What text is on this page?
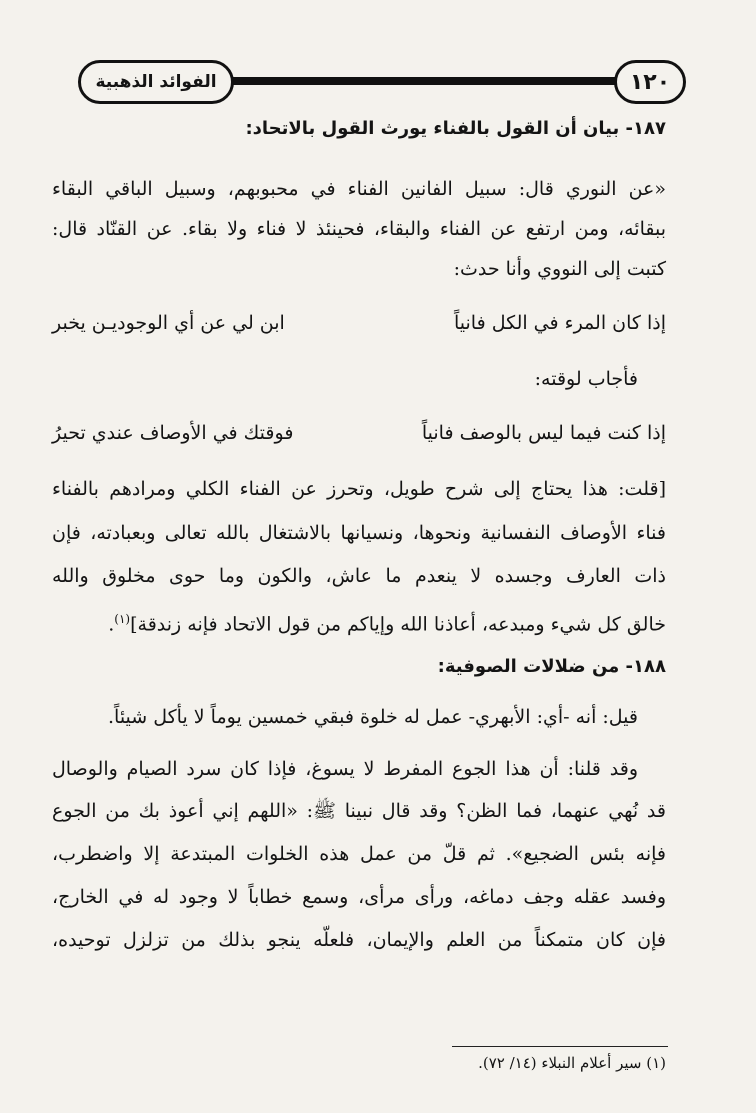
١٢٠
الفوائد الذهبية
١٨٧- بيان أن القول بالفناء يورث القول بالاتحاد:
«عن النوري قال: سبيل الفانين الفناء في محبوبهم، وسبيل الباقي البقاء
ببقائه، ومن ارتفع عن الفناء والبقاء، فحينئذ لا فناء ولا بقاء. عن القنّاد قال:
كتبت إلى النووي وأنا حدث:
إذا كان المرء في الكل فانياً
ابن لي عن أي الوجوديـن يخبر
فأجاب لوقته:
إذا كنت فيما ليس بالوصف فانياً
فوقتك في الأوصاف عندي تحيرُ
[قلت: هذا يحتاج إلى شرح طويل، وتحرز عن الفناء الكلي ومرادهم بالفناء
فناء الأوصاف النفسانية ونحوها، ونسيانها بالاشتغال بالله تعالى وبعبادته، فإن
ذات العارف وجسده لا ينعدم ما عاش، والكون وما حوى مخلوق والله
خالق كل شيء ومبدعه، أعاذنا الله وإياكم من قول الاتحاد فإنه زندقة]$^{(١)}$.
١٨٨- من ضلالات الصوفية:
قيل: أنه -أي: الأبهري- عمل له خلوة فبقي خمسين يوماً لا يأكل شيئاً.
وقد قلنا: أن هذا الجوع المفرط لا يسوغ، فإذا كان سرد الصيام والوصال
قد نُهي عنهما، فما الظن؟ وقد قال نبينا ﷺ: «اللهم إني أعوذ بك من الجوع
فإنه بئس الضجيع». ثم قلّ من عمل هذه الخلوات المبتدعة إلا واضطرب،
وفسد عقله وجف دماغه، ورأى مرأى، وسمع خطاباً لا وجود له في الخارج،
فإن كان متمكناً من العلم والإيمان، فلعلّه ينجو بذلك من تزلزل توحيده،
(١) سير أعلام النبلاء (١٤/ ٧٢).
